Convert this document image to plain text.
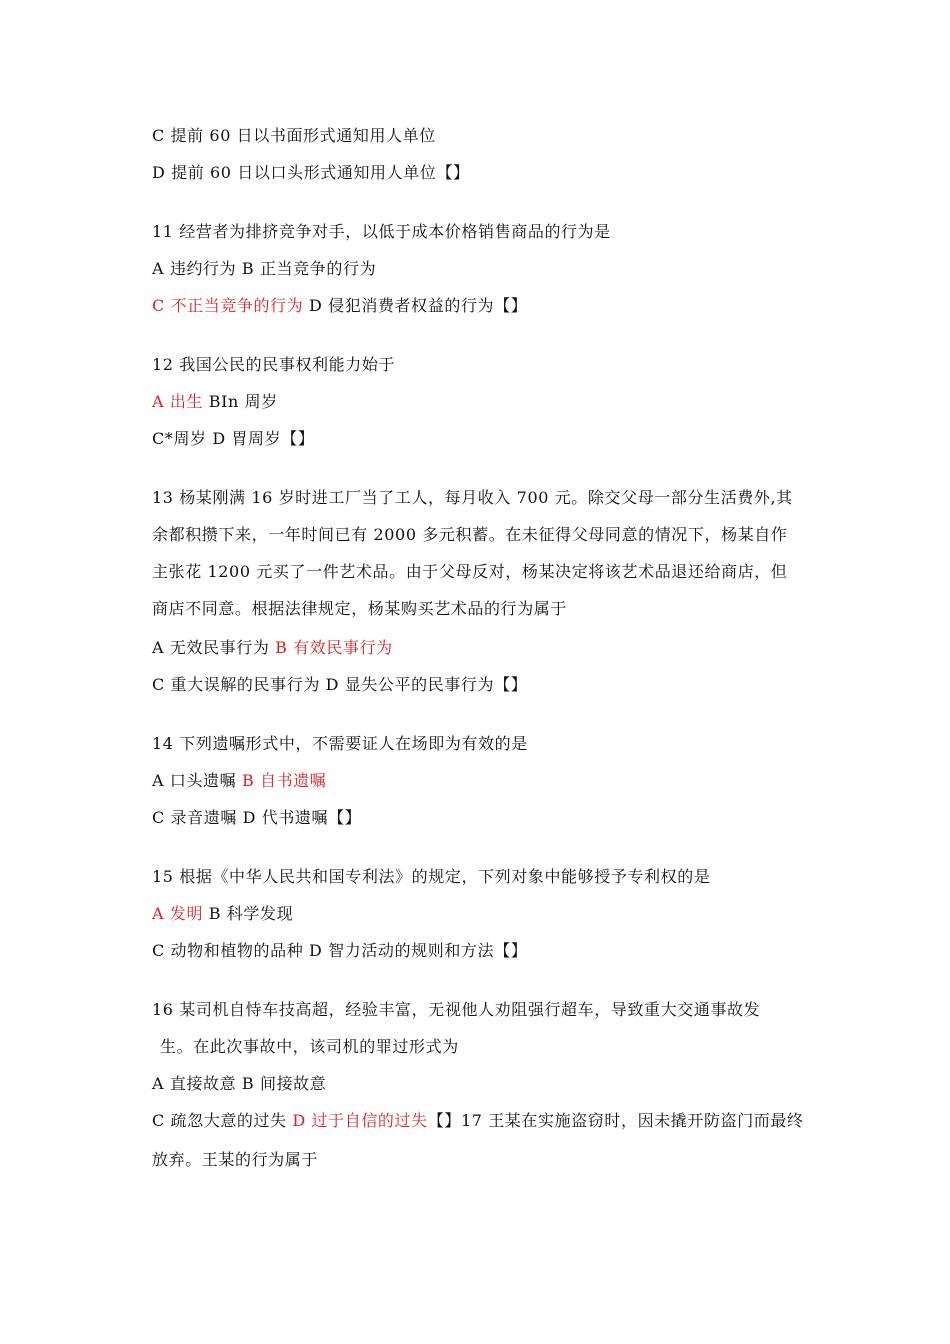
C 提前 60 日以书面形式通知用人单位
D 提前 60 日以口头形式通知用人单位【】
11 经营者为排挤竞争对手，以低于成本价格销售商品的行为是
A 违约行为 B 正当竞争的行为
C 不正当竞争的行为 D 侵犯消费者权益的行为【】
12 我国公民的民事权利能力始于
A 出生 BIn 周岁
C*周岁 D 胃周岁【】
13 杨某刚满 16 岁时进工厂当了工人，每月收入 700 元。除交父母一部分生活费外,其
余都积攒下来，一年时间已有 2000 多元积蓄。在未征得父母同意的情况下，杨某自作
主张花 1200 元买了一件艺术品。由于父母反对，杨某决定将该艺术品退还给商店，但
商店不同意。根据法律规定，杨某购买艺术品的行为属于
A 无效民事行为 B 有效民事行为
C 重大误解的民事行为 D 显失公平的民事行为【】
14 下列遗嘱形式中，不需要证人在场即为有效的是
A 口头遗嘱 B 自书遗嘱
C 录音遗嘱 D 代书遗嘱【】
15 根据《中华人民共和国专利法》的规定，下列对象中能够授予专利权的是
A 发明 B 科学发现
C 动物和植物的品种 D 智力活动的规则和方法【】
16 某司机自恃车技高超，经验丰富，无视他人劝阻强行超车，导致重大交通事故发
生。在此次事故中，该司机的罪过形式为
A 直接故意 B 间接故意
C 疏忽大意的过失 D 过于自信的过失【】17 王某在实施盗窃时，因未撬开防盗门而最终
放弃。王某的行为属于
